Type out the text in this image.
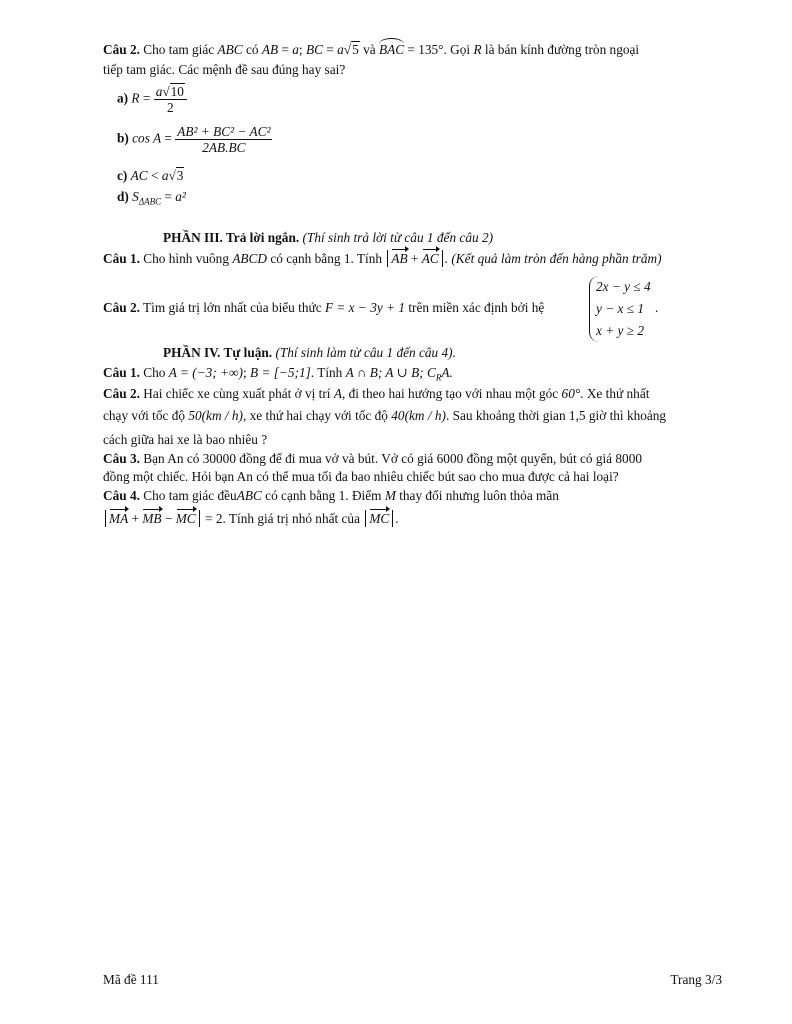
Câu 2. Cho tam giác ABC có AB = a; BC = a√5 và BAC = 135°. Gọi R là bán kính đường tròn ngoại
tiếp tam giác. Các mệnh đề sau đúng hay sai?
a) $R = \frac{a√10}{2}$
b) $\cos A = \frac{\text{AB² + BC² − AC²}}{2AB.BC}$
c) AC < a√3
d) $S_{\Delta ABC} = a^2$
PHẦN III. Trả lời ngắn. (Thí sinh trả lời từ câu 1 đến câu 2)
Câu 1. Cho hình vuông ABCD có cạnh bằng 1. Tính AB + AC . (Kết quả làm tròn đến hàng phần trăm)
Câu 2. Tìm giá trị lớn nhất của biểu thức F = x − 3y + 1 trên miền xác định bởi hệ
2x − y ≤ 4
y − x ≤ 1
x + y ≥ 2
.
PHẦN IV. Tự luận. (Thí sinh làm từ câu 1 đến câu 4).
Câu 1. Cho A = (−3; +∞); B = [−5;1]. Tính A ∩ B; A ∪ B; $C_RA$.
Câu 2. Hai chiếc xe cùng xuất phát ở vị trí A, đi theo hai hướng tạo với nhau một góc 60°. Xe thứ nhất
chạy với tốc độ 50(km / h), xe thứ hai chạy với tốc độ 40(km / h). Sau khoảng thời gian 1,5 giờ thì khoảng
cách giữa hai xe là bao nhiêu ?
Câu 3. Bạn An có 30000 đồng để đi mua vở và bút. Vở có giá 6000 đồng một quyển, bút có giá 8000
đồng một chiếc. Hỏi bạn An có thể mua tối đa bao nhiêu chiếc bút sao cho mua được cả hai loại?
Câu 4. Cho tam giác đềuABC có cạnh bằng 1. Điểm M thay đổi nhưng luôn thỏa mãn
MA + MB − MC = 2. Tính giá trị nhỏ nhất của MC .
Mã đề 111	Trang 3/3
